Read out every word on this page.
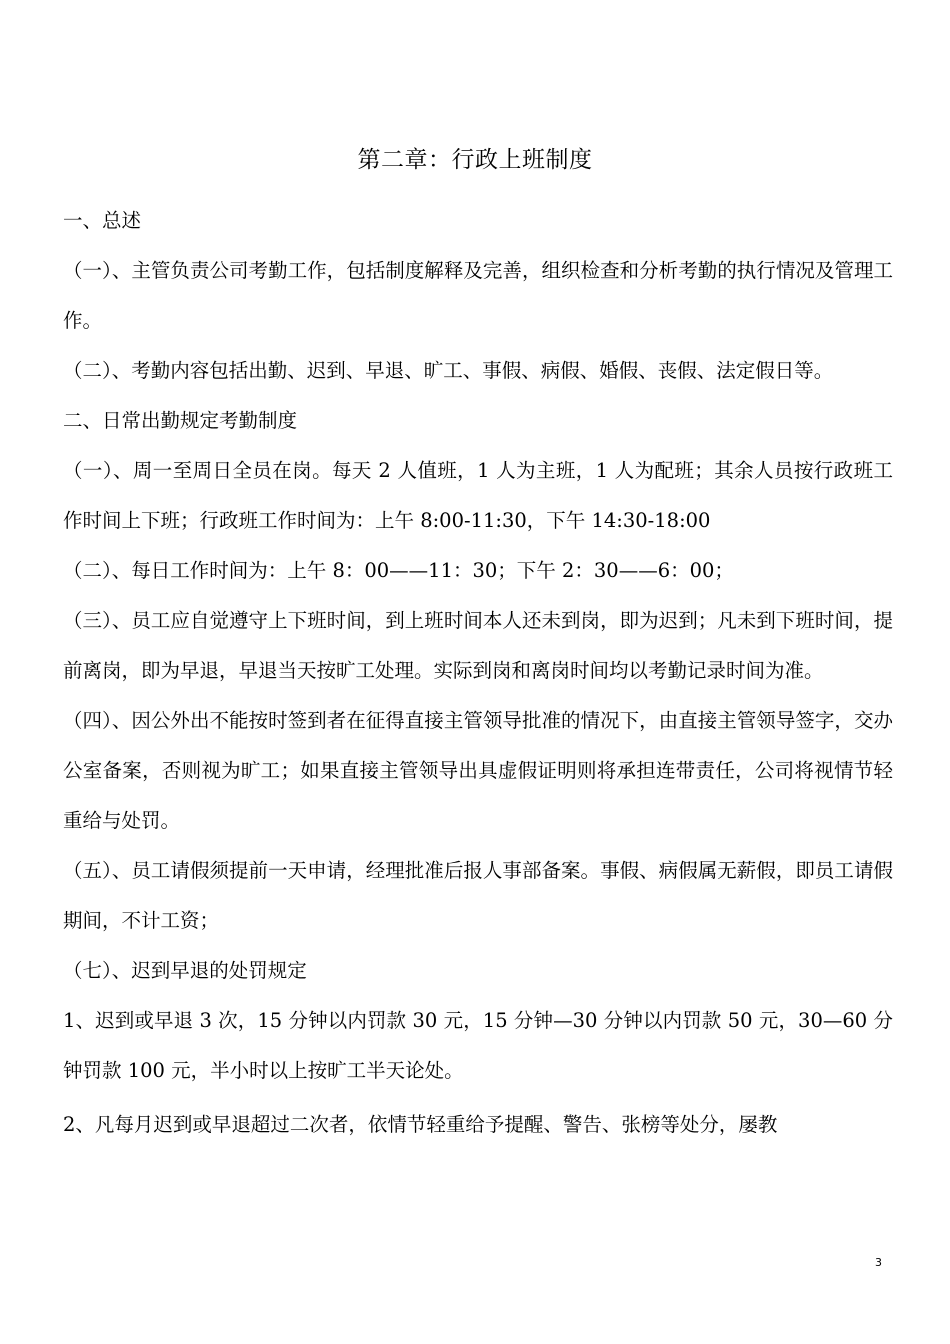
第二章：行政上班制度

一、总述

（一）、主管负责公司考勤工作，包括制度解释及完善，组织检查和分析考勤的执行情况及管理工作。

（二）、考勤内容包括出勤、迟到、早退、旷工、事假、病假、婚假、丧假、法定假日等。

二、日常出勤规定考勤制度

（一）、周一至周日全员在岗。每天 2 人值班，1 人为主班，1 人为配班；其余人员按行政班工作时间上下班；行政班工作时间为：上午 8:00-11:30，下午 14:30-18:00

（二）、每日工作时间为：上午 8：00——11：30；下午 2：30——6：00；

（三）、员工应自觉遵守上下班时间，到上班时间本人还未到岗，即为迟到；凡未到下班时间，提前离岗，即为早退，早退当天按旷工处理。实际到岗和离岗时间均以考勤记录时间为准。

（四）、因公外出不能按时签到者在征得直接主管领导批准的情况下，由直接主管领导签字，交办公室备案，否则视为旷工；如果直接主管领导出具虚假证明则将承担连带责任，公司将视情节轻重给与处罚。

（五）、员工请假须提前一天申请，经理批准后报人事部备案。事假、病假属无薪假，即员工请假期间，不计工资；

（七）、迟到早退的处罚规定

1、迟到或早退 3 次，15 分钟以内罚款 30 元，15 分钟—30 分钟以内罚款 50 元，30—60 分钟罚款 100 元，半小时以上按旷工半天论处。

2、凡每月迟到或早退超过二次者，依情节轻重给予提醒、警告、张榜等处分，屡教

3
